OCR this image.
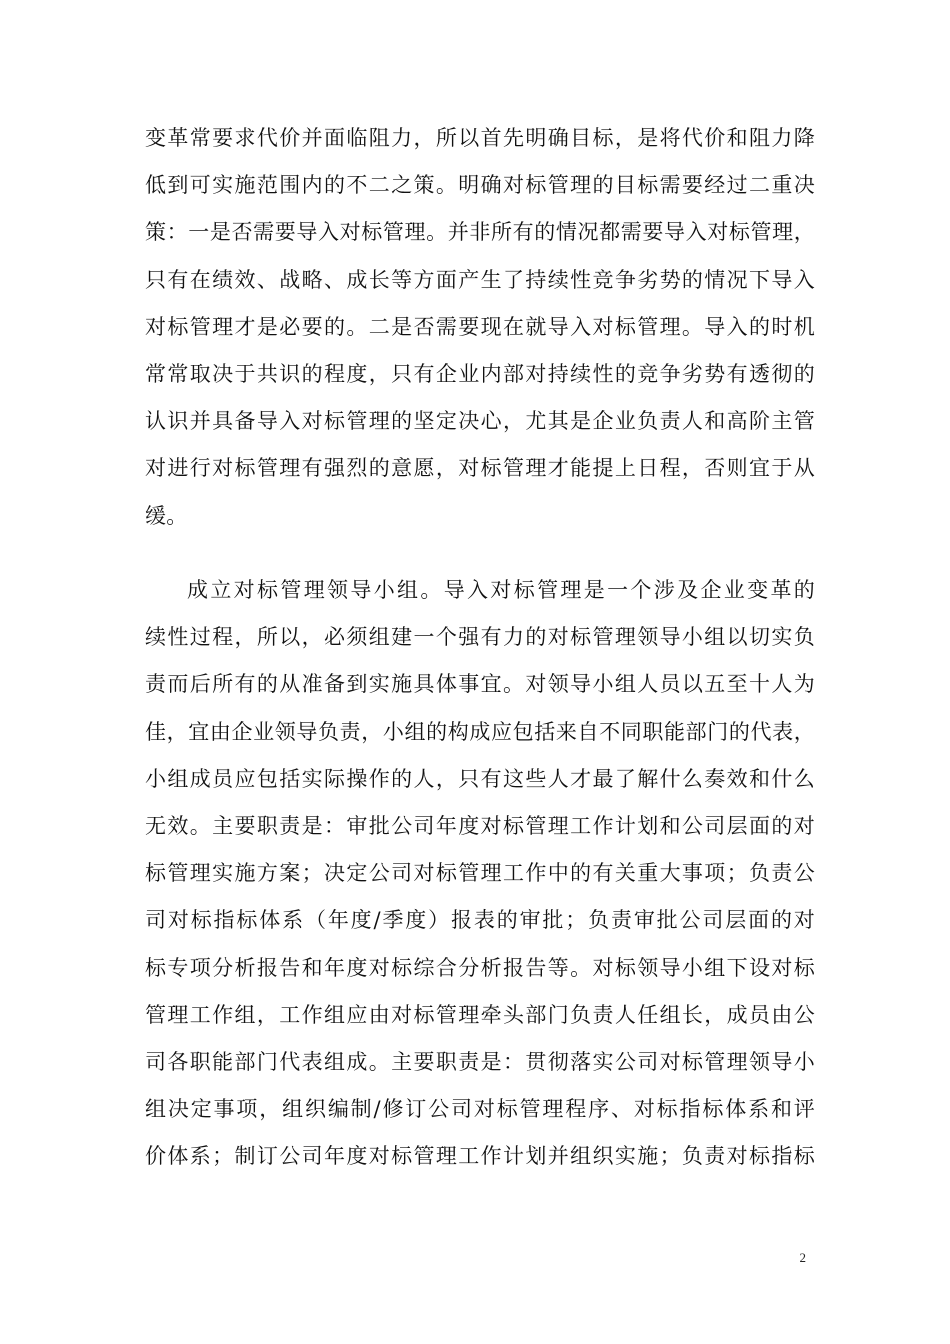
变革常要求代价并面临阻力，所以首先明确目标，是将代价和阻力降
低到可实施范围内的不二之策。明确对标管理的目标需要经过二重决
策：一是否需要导入对标管理。并非所有的情况都需要导入对标管理，
只有在绩效、战略、成长等方面产生了持续性竞争劣势的情况下导入
对标管理才是必要的。二是否需要现在就导入对标管理。导入的时机
常常取决于共识的程度，只有企业内部对持续性的竞争劣势有透彻的
认识并具备导入对标管理的坚定决心，尤其是企业负责人和高阶主管
对进行对标管理有强烈的意愿，对标管理才能提上日程，否则宜于从
缓。
成立对标管理领导小组。导入对标管理是一个涉及企业变革的
续性过程，所以，必须组建一个强有力的对标管理领导小组以切实负
责而后所有的从准备到实施具体事宜。对领导小组人员以五至十人为
佳，宜由企业领导负责，小组的构成应包括来自不同职能部门的代表，
小组成员应包括实际操作的人，只有这些人才最了解什么奏效和什么
无效。主要职责是：审批公司年度对标管理工作计划和公司层面的对
标管理实施方案；决定公司对标管理工作中的有关重大事项；负责公
司对标指标体系（年度/季度）报表的审批；负责审批公司层面的对
标专项分析报告和年度对标综合分析报告等。对标领导小组下设对标
管理工作组，工作组应由对标管理牵头部门负责人任组长，成员由公
司各职能部门代表组成。主要职责是：贯彻落实公司对标管理领导小
组决定事项，组织编制/修订公司对标管理程序、对标指标体系和评
价体系；制订公司年度对标管理工作计划并组织实施；负责对标指标
2
